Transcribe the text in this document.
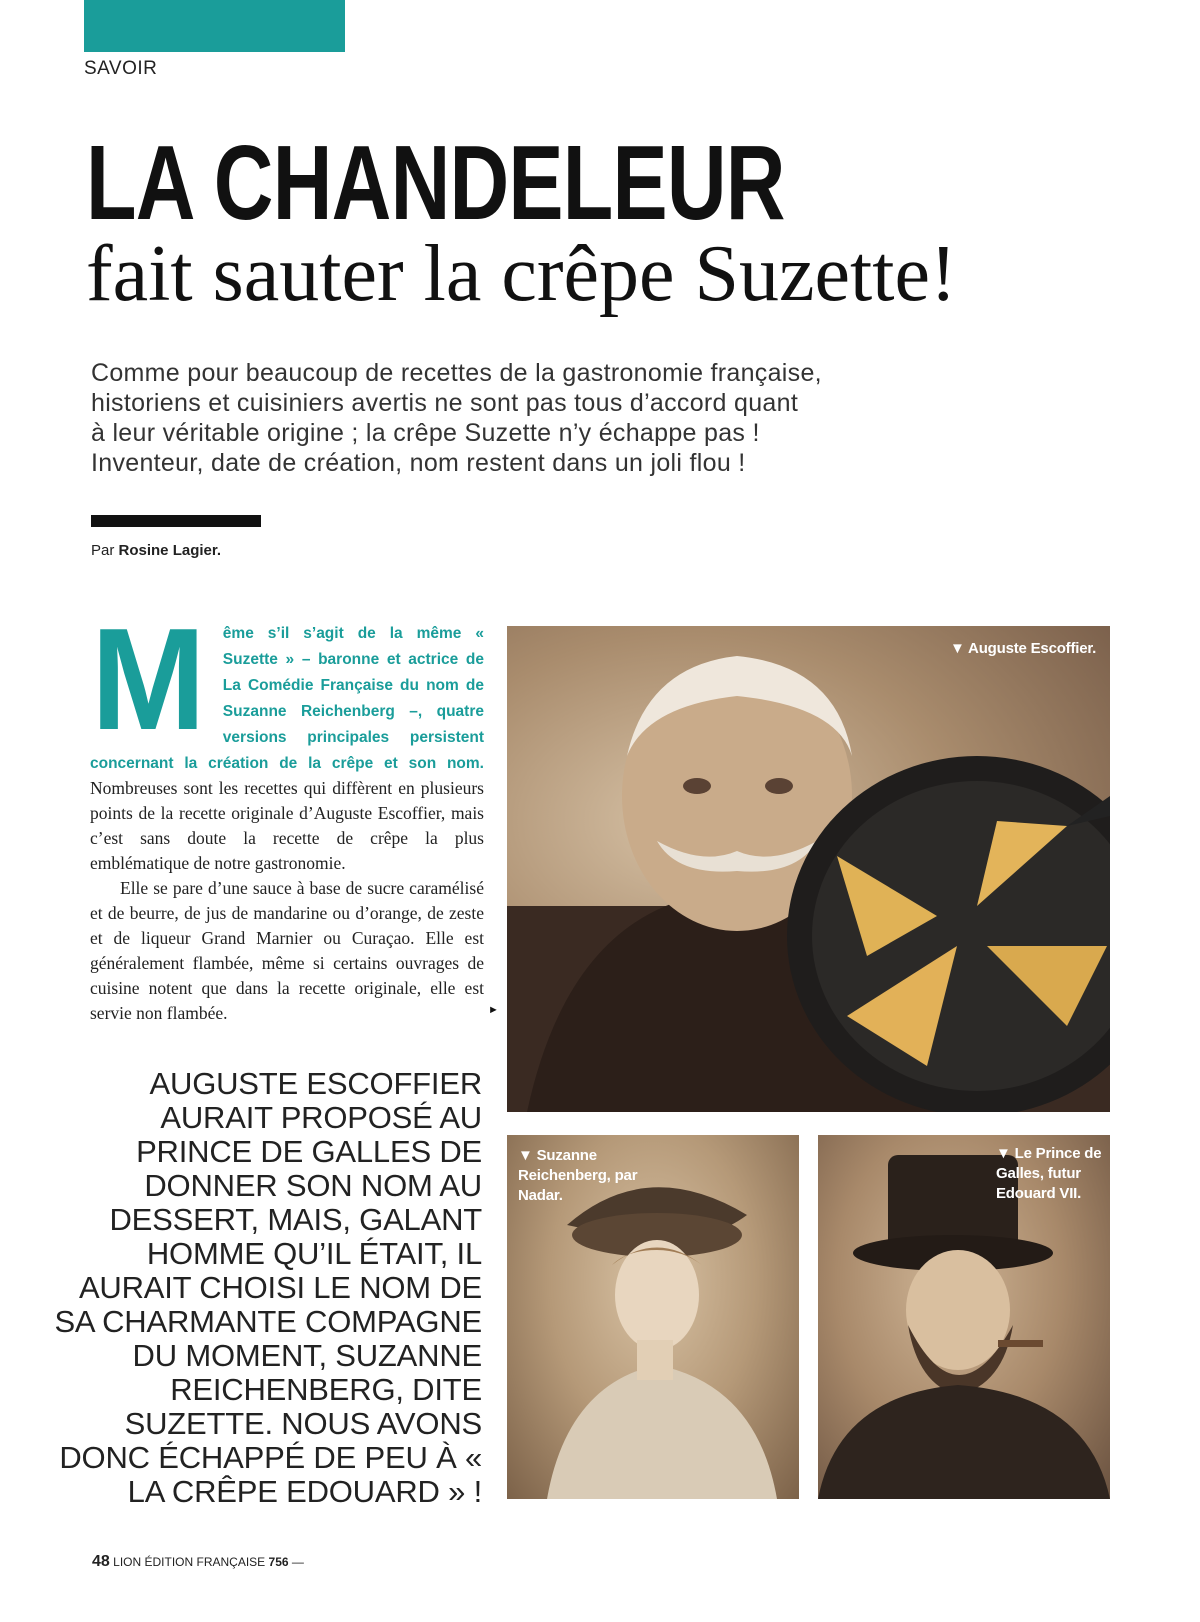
SAVOIR
LA CHANDELEUR
fait sauter la crêpe Suzette!

Comme pour beaucoup de recettes de la gastronomie française,

historiens et cuisiniers avertis ne sont pas tous d’accord quant

à leur véritable origine ; la crêpe Suzette n’y échappe pas !

Inventeur, date de création, nom restent dans un joli flou !

Par Rosine Lagier.

M ême s’il s’agit de la même « Suzette » – baronne et actrice de La Comédie Française du nom de Suzanne Reichenberg –, quatre versions principales persistent concernant la création de la crêpe et son nom. Nombreuses sont les recettes qui diffèrent en plusieurs points de la recette originale d’Auguste Escoffier, mais c’est sans doute la recette de crêpe la plus emblématique de notre gastronomie.

Elle se pare d’une sauce à base de sucre caramélisé et de beurre, de jus de mandarine ou d’orange, de zeste et de liqueur Grand Marnier ou Curaçao. Elle est généralement flambée, même si certains ouvrages de cuisine notent que dans la recette originale, elle est servie non flambée.	►
AUGUSTE ESCOFFIER AURAIT PROPOSÉ AU PRINCE DE GALLES DE DONNER SON NOM AU DESSERT, MAIS, GALANT HOMME QU’IL ÉTAIT, IL AURAIT CHOISI LE NOM DE SA CHARMANTE COMPAGNE DU MOMENT, SUZANNE REICHENBERG, DITE SUZETTE. NOUS AVONS DONC ÉCHAPPÉ DE PEU À « LA CRÊPE EDOUARD » !
▼ Auguste Escoffier.
▼ Suzanne Reichenberg, par Nadar.
▼ Le Prince de Galles, futur Edouard VII.
48 LION ÉDITION FRANÇAISE 756 —
